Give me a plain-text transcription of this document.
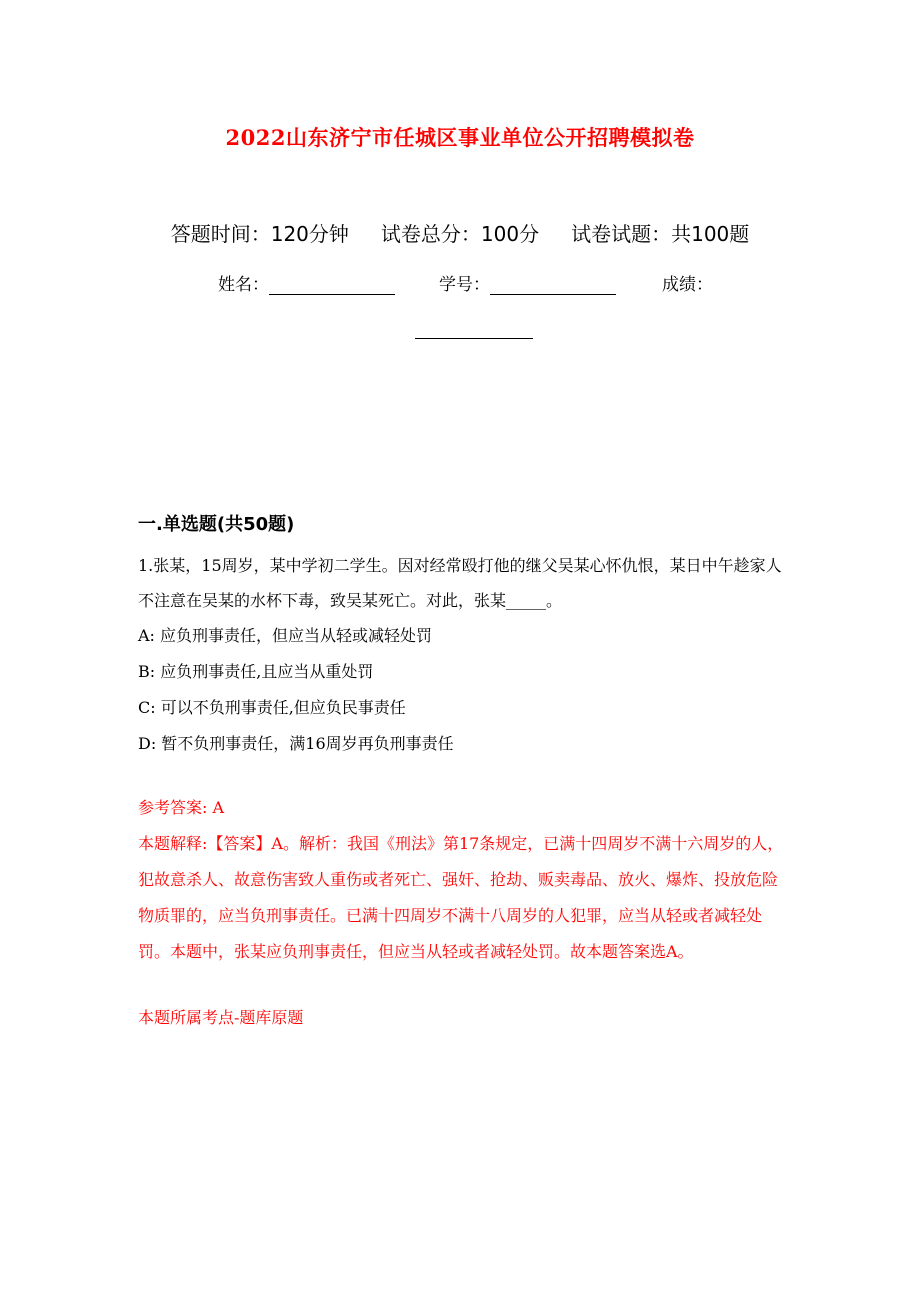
2022山东济宁市任城区事业单位公开招聘模拟卷
答题时间：120分钟 试卷总分：100分 试卷试题：共100题
姓名：	学号：	成绩：
一.单选题(共50题)

1.张某，15周岁，某中学初二学生。因对经常殴打他的继父吴某心怀仇恨，某日中午趁家人不注意在吴某的水杯下毒，致吴某死亡。对此，张某_____。

A: 应负刑事责任，但应当从轻或减轻处罚

B: 应负刑事责任,且应当从重处罚

C: 可以不负刑事责任,但应负民事责任

D: 暂不负刑事责任，满16周岁再负刑事责任

参考答案: A

本题解释:【答案】A。解析：我国《刑法》第17条规定，已满十四周岁不满十六周岁的人，犯故意杀人、故意伤害致人重伤或者死亡、强奸、抢劫、贩卖毒品、放火、爆炸、投放危险物质罪的，应当负刑事责任。已满十四周岁不满十八周岁的人犯罪，应当从轻或者减轻处罚。本题中，张某应负刑事责任，但应当从轻或者减轻处罚。故本题答案选A。

本题所属考点-题库原题
